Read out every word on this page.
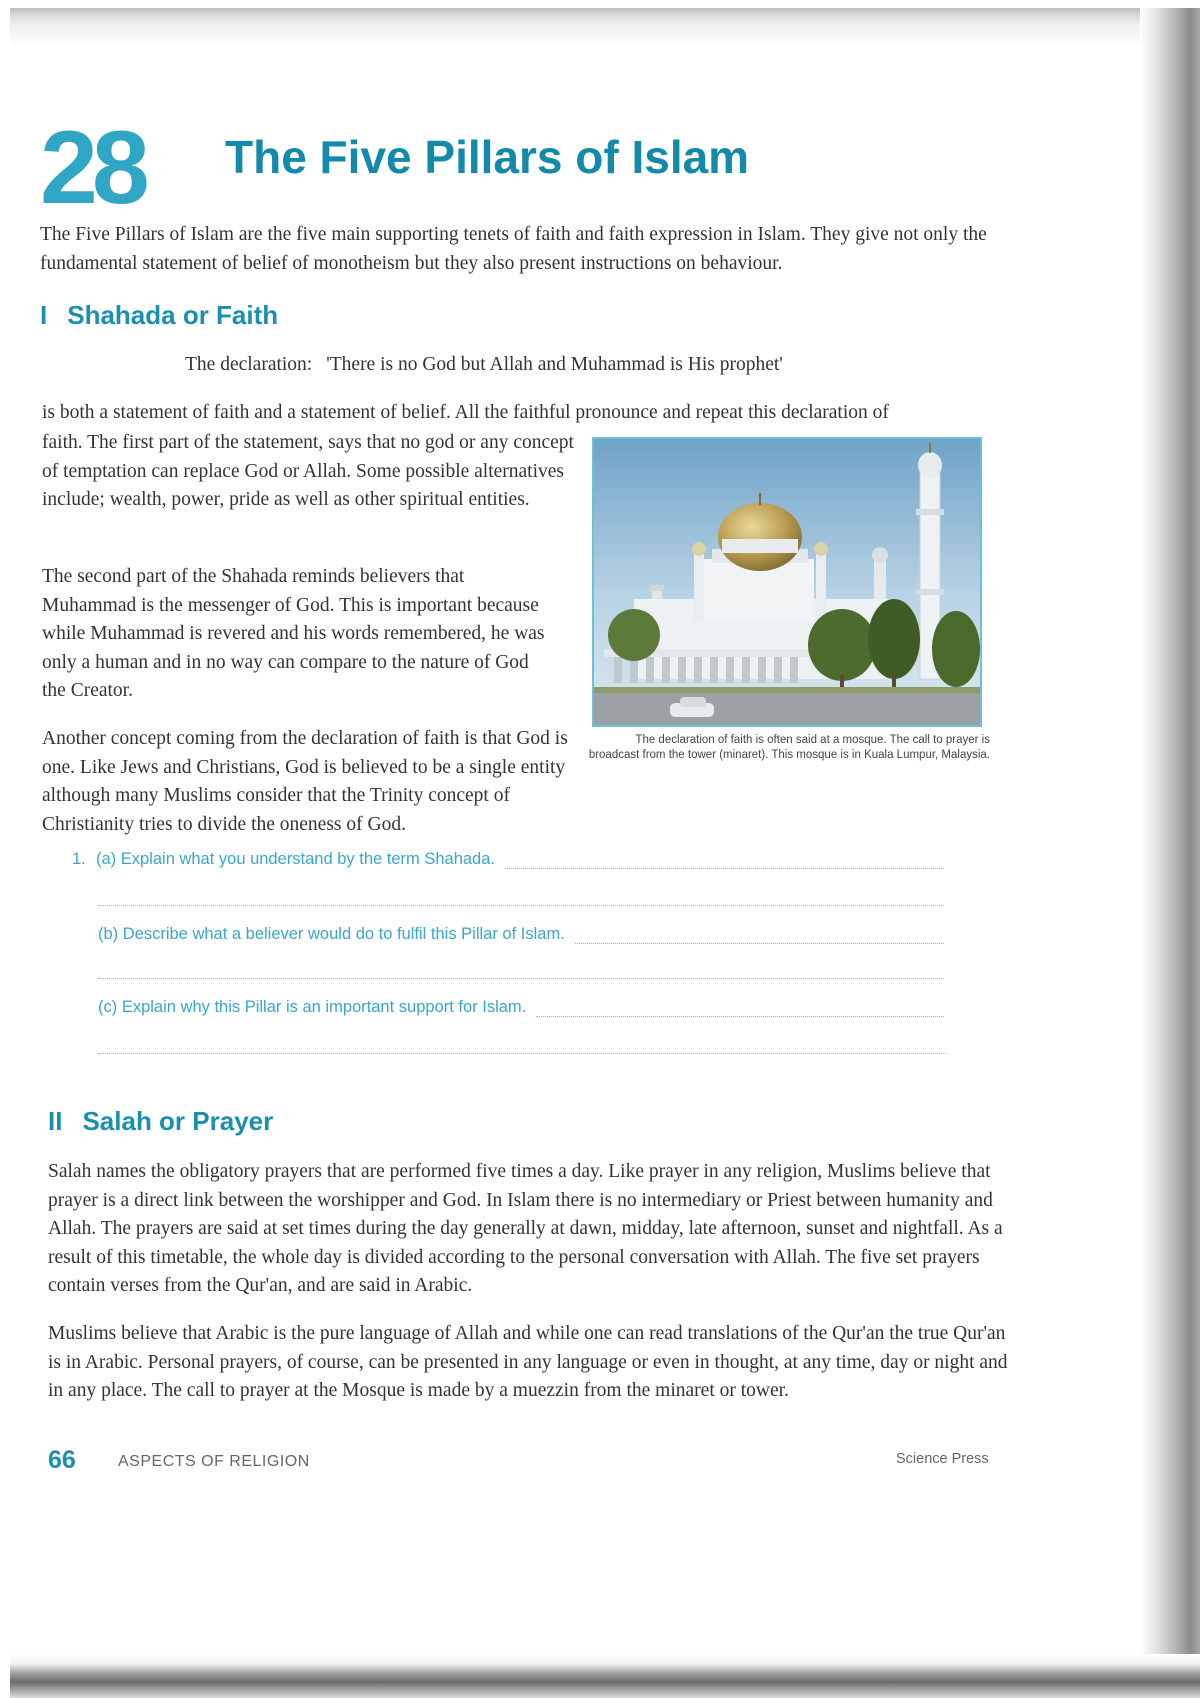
28 The Five Pillars of Islam

The Five Pillars of Islam are the five main supporting tenets of faith and faith expression in Islam. They give not only the fundamental statement of belief of monotheism but they also present instructions on behaviour.

I Shahada or Faith

The declaration: 'There is no God but Allah and Muhammad is His prophet'

is both a statement of faith and a statement of belief. All the faithful pronounce and repeat this declaration of

faith. The first part of the statement, says that no god or any concept of temptation can replace God or Allah. Some possible alternatives include; wealth, power, pride as well as other spiritual entities.

The second part of the Shahada reminds believers that Muhammad is the messenger of God. This is important because while Muhammad is revered and his words remembered, he was only a human and in no way can compare to the nature of God the Creator.

Another concept coming from the declaration of faith is that God is one. Like Jews and Christians, God is believed to be a single entity although many Muslims consider that the Trinity concept of Christianity tries to divide the oneness of God.

The declaration of faith is often said at a mosque. The call to prayer is broadcast from the tower (minaret). This mosque is in Kuala Lumpur, Malaysia.

1. (a) Explain what you understand by the term Shahada.
(b) Describe what a believer would do to fulfil this Pillar of Islam.
(c) Explain why this Pillar is an important support for Islam.
II Salah or Prayer

Salah names the obligatory prayers that are performed five times a day. Like prayer in any religion, Muslims believe that prayer is a direct link between the worshipper and God. In Islam there is no intermediary or Priest between humanity and Allah. The prayers are said at set times during the day generally at dawn, midday, late afternoon, sunset and nightfall. As a result of this timetable, the whole day is divided according to the personal conversation with Allah. The five set prayers contain verses from the Qur'an, and are said in Arabic.

Muslims believe that Arabic is the pure language of Allah and while one can read translations of the Qur'an the true Qur'an is in Arabic. Personal prayers, of course, can be presented in any language or even in thought, at any time, day or night and in any place. The call to prayer at the Mosque is made by a muezzin from the minaret or tower.

66	ASPECTS OF RELIGION	Science Press
